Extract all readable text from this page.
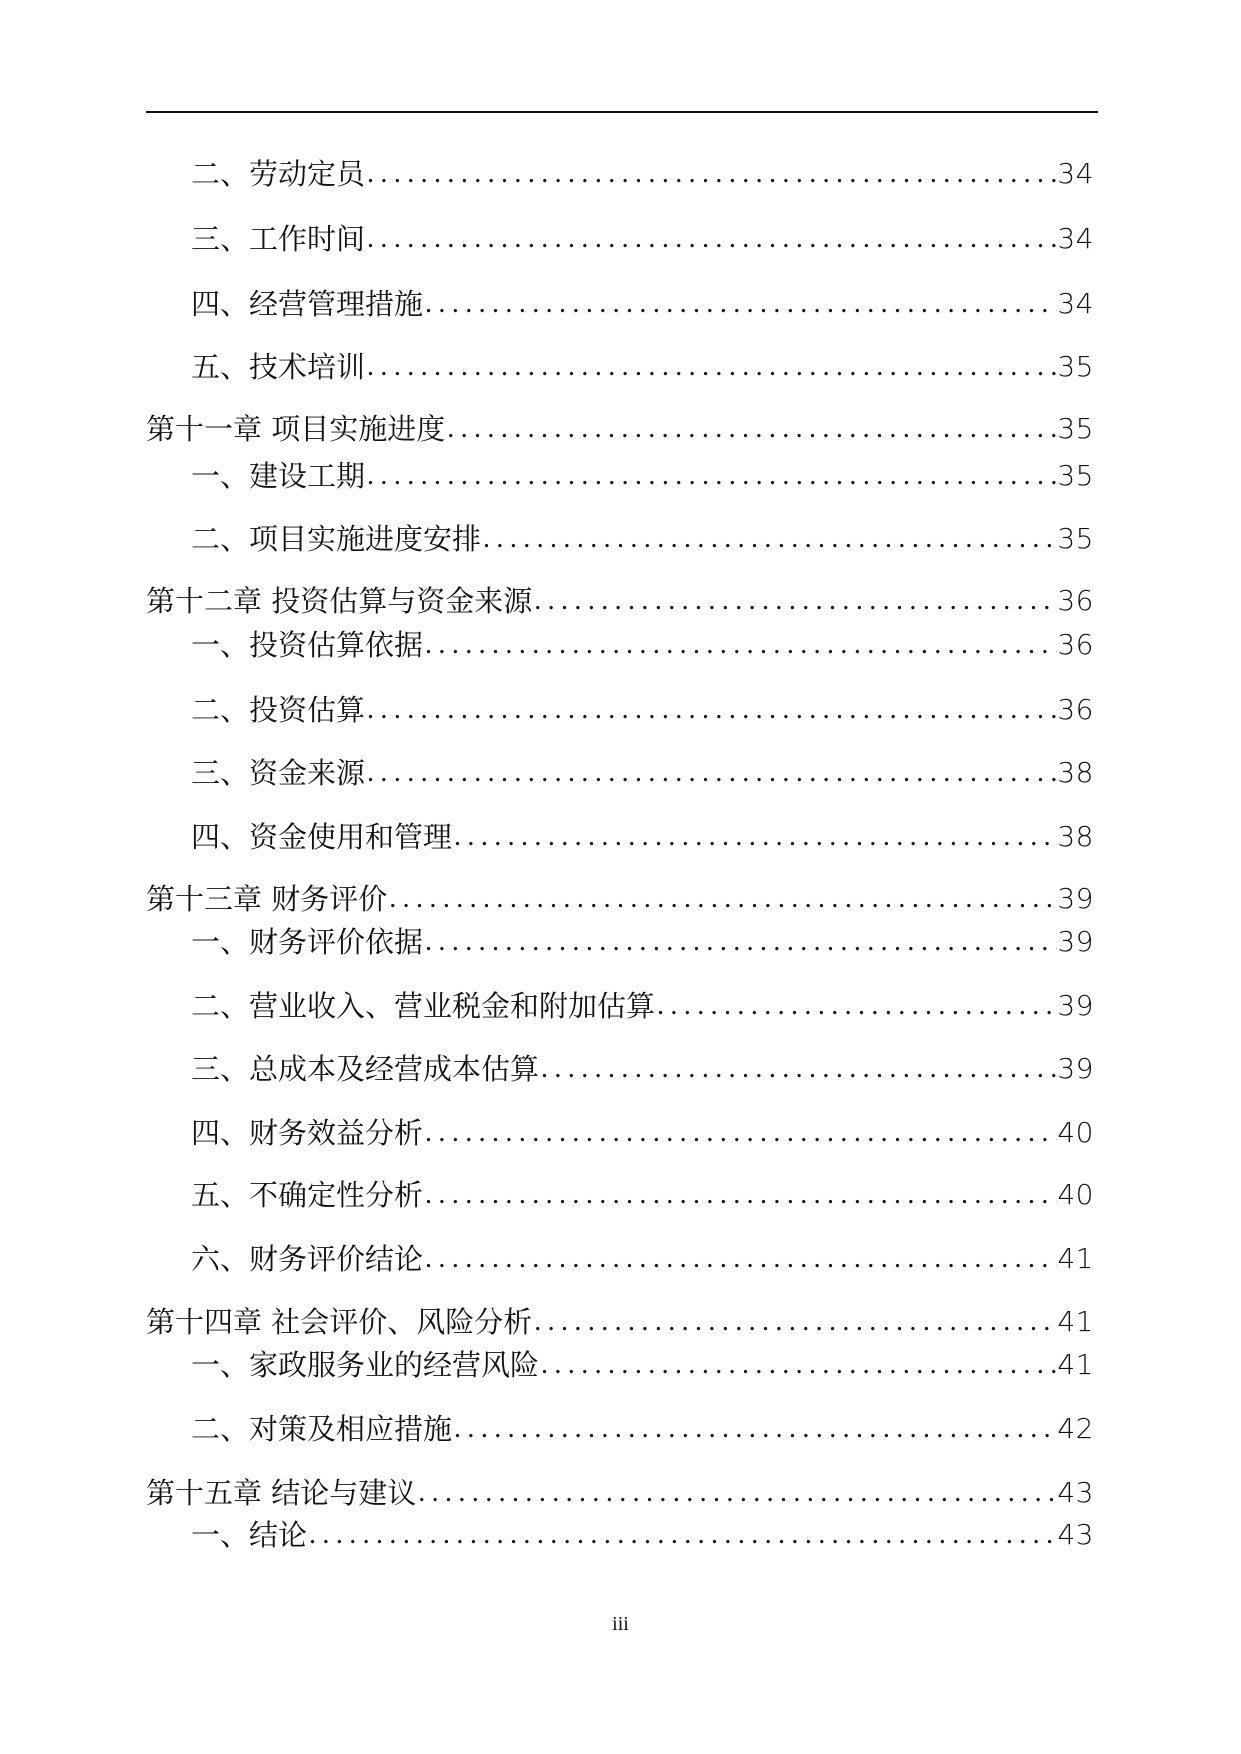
二、劳动定员 . . .	34
三、工作时间 . . .	34
四、经营管理措施 . . .	34
五、技术培训 . . .	35
第十一章 项目实施进度 . . .	35
一、建设工期 . . .	35
二、项目实施进度安排 . . .	35
第十二章 投资估算与资金来源 . . .	36
一、投资估算依据 . . .	36
二、投资估算 . . .	36
三、资金来源 . . .	38
四、资金使用和管理 . . .	38
第十三章 财务评价 . . .	39
一、财务评价依据 . . .	39
二、营业收入、营业税金和附加估算 . . .	39
三、总成本及经营成本估算 . . .	39
四、财务效益分析 . . .	40
五、不确定性分析 . . .	40
六、财务评价结论 . . .	41
第十四章 社会评价、风险分析 . . .	41
一、家政服务业的经营风险 . . .	41
二、对策及相应措施 . . .	42
第十五章 结论与建议 . . .	43
一、结论 . . .	43
iii
